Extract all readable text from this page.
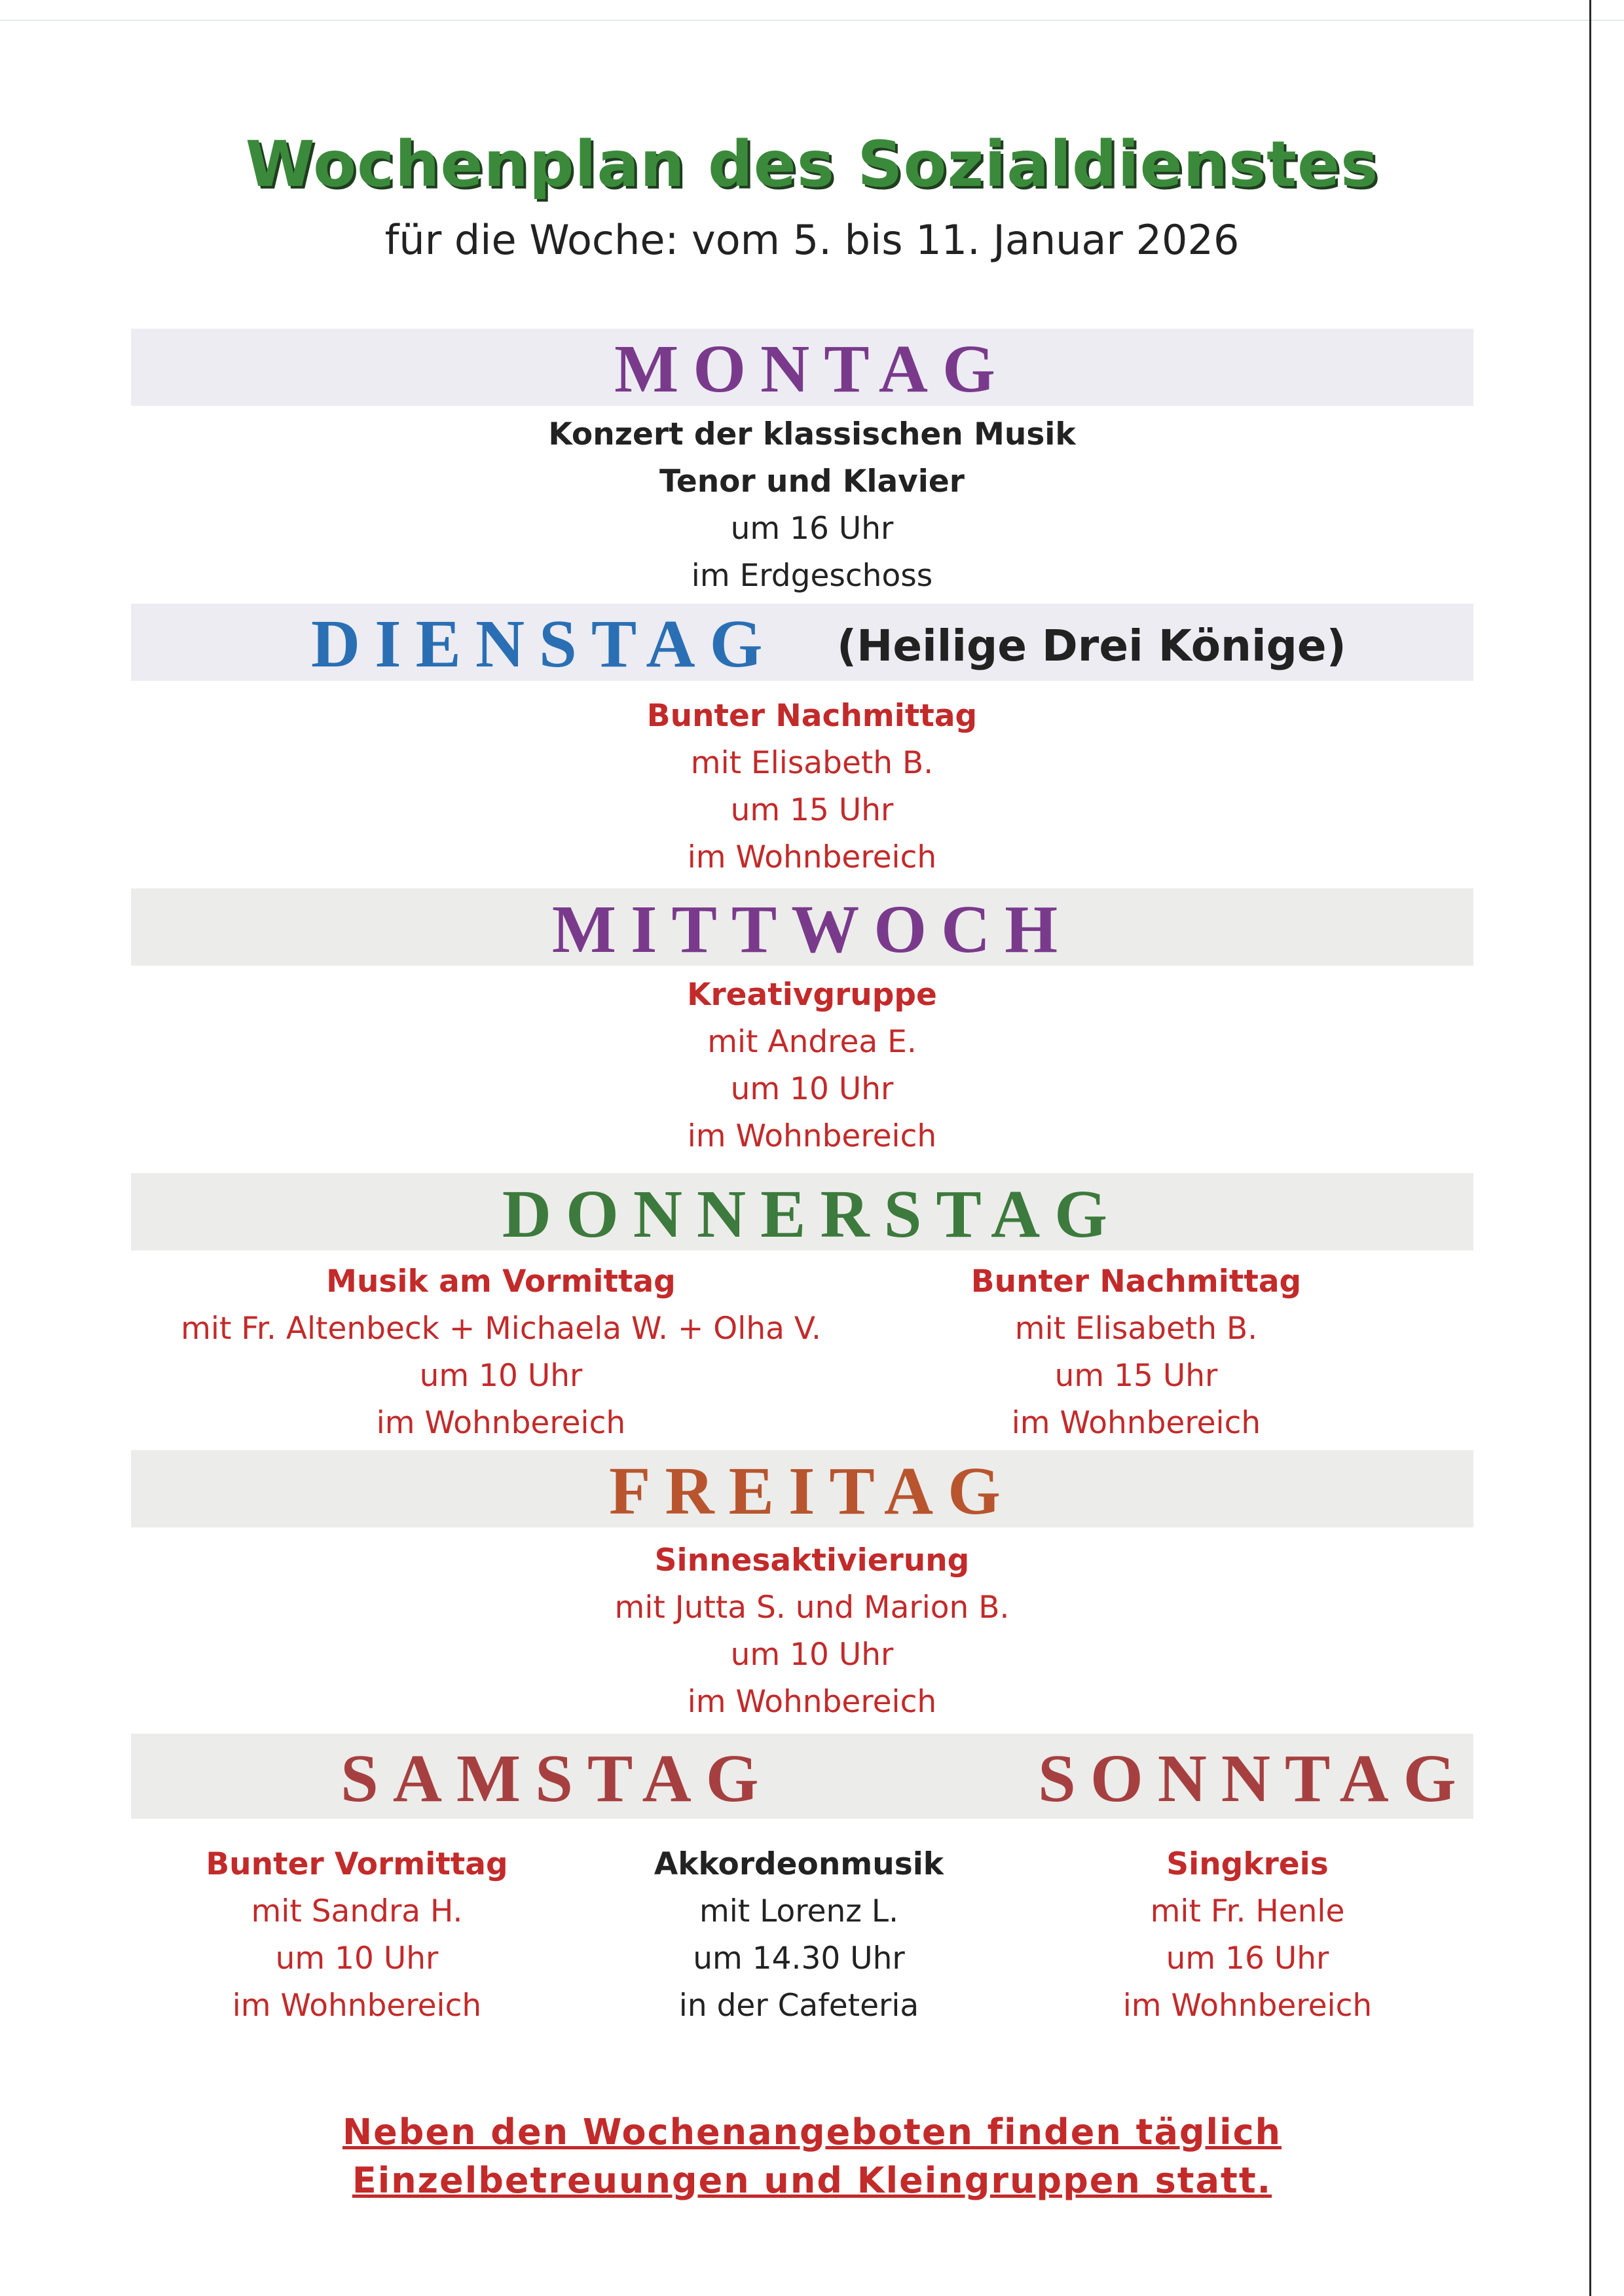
Wochenplan des Sozialdienstes
für die Woche: vom 5. bis 11. Januar 2026
MONTAG
Konzert der klassischen Musik
Tenor und Klavier
um 16 Uhr
im Erdgeschoss
DIENSTAG (Heilige Drei Könige)
Bunter Nachmittag
mit Elisabeth B.
um 15 Uhr
im Wohnbereich
MITTWOCH
Kreativgruppe
mit Andrea E.
um 10 Uhr
im Wohnbereich
DONNERSTAG
Musik am Vormittag
mit Fr. Altenbeck + Michaela W. + Olha V.
um 10 Uhr
im Wohnbereich
Bunter Nachmittag
mit Elisabeth B.
um 15 Uhr
im Wohnbereich
FREITAG
Sinnesaktivierung
mit Jutta S. und Marion B.
um 10 Uhr
im Wohnbereich
SAMSTAG	SONNTAG
Bunter Vormittag
mit Sandra H.
um 10 Uhr
im Wohnbereich
Akkordeonmusik
mit Lorenz L.
um 14.30 Uhr
in der Cafeteria
Singkreis
mit Fr. Henle
um 16 Uhr
im Wohnbereich
Neben den Wochenangeboten finden täglich
Einzelbetreuungen und Kleingruppen statt.
